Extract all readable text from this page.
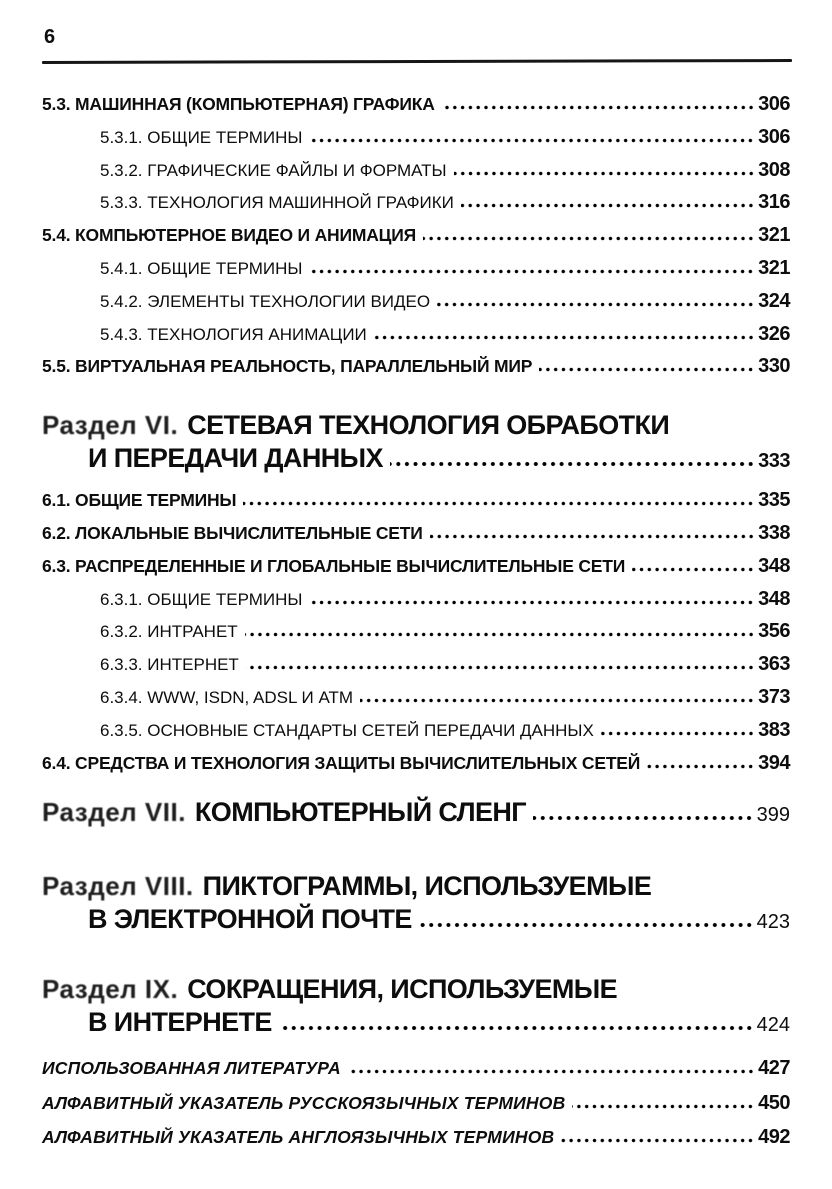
6
5.3. МАШИННАЯ (КОМПЬЮТЕРНАЯ) ГРАФИКА	306
5.3.1. ОБЩИЕ ТЕРМИНЫ	306
5.3.2. ГРАФИЧЕСКИЕ ФАЙЛЫ И ФОРМАТЫ	308
5.3.3. ТЕХНОЛОГИЯ МАШИННОЙ ГРАФИКИ	316
5.4. КОМПЬЮТЕРНОЕ ВИДЕО И АНИМАЦИЯ	321
5.4.1. ОБЩИЕ ТЕРМИНЫ	321
5.4.2. ЭЛЕМЕНТЫ ТЕХНОЛОГИИ ВИДЕО	324
5.4.3. ТЕХНОЛОГИЯ АНИМАЦИИ	326
5.5. ВИРТУАЛЬНАЯ РЕАЛЬНОСТЬ, ПАРАЛЛЕЛЬНЫЙ МИР	330
Раздел VI. СЕТЕВАЯ ТЕХНОЛОГИЯ ОБРАБОТКИ
И ПЕРЕДАЧИ ДАННЫХ	333
6.1. ОБЩИЕ ТЕРМИНЫ	335
6.2. ЛОКАЛЬНЫЕ ВЫЧИСЛИТЕЛЬНЫЕ СЕТИ	338
6.3. РАСПРЕДЕЛЕННЫЕ И ГЛОБАЛЬНЫЕ ВЫЧИСЛИТЕЛЬНЫЕ СЕТИ	348
6.3.1. ОБЩИЕ ТЕРМИНЫ	348
6.3.2. ИНТРАНЕТ	356
6.3.3. ИНТЕРНЕТ	363
6.3.4. WWW, ISDN, ADSL И ATM	373
6.3.5. ОСНОВНЫЕ СТАНДАРТЫ СЕТЕЙ ПЕРЕДАЧИ ДАННЫХ	383
6.4. СРЕДСТВА И ТЕХНОЛОГИЯ ЗАЩИТЫ ВЫЧИСЛИТЕЛЬНЫХ СЕТЕЙ	394
Раздел VII. КОМПЬЮТЕРНЫЙ СЛЕНГ	399
Раздел VIII. ПИКТОГРАММЫ, ИСПОЛЬЗУЕМЫЕ
В ЭЛЕКТРОННОЙ ПОЧТЕ	423
Раздел IX. СОКРАЩЕНИЯ, ИСПОЛЬЗУЕМЫЕ
В ИНТЕРНЕТЕ	424
ИСПОЛЬЗОВАННАЯ ЛИТЕРАТУРА	427
АЛФАВИТНЫЙ УКАЗАТЕЛЬ РУССКОЯЗЫЧНЫХ ТЕРМИНОВ	450
АЛФАВИТНЫЙ УКАЗАТЕЛЬ АНГЛОЯЗЫЧНЫХ ТЕРМИНОВ	492
